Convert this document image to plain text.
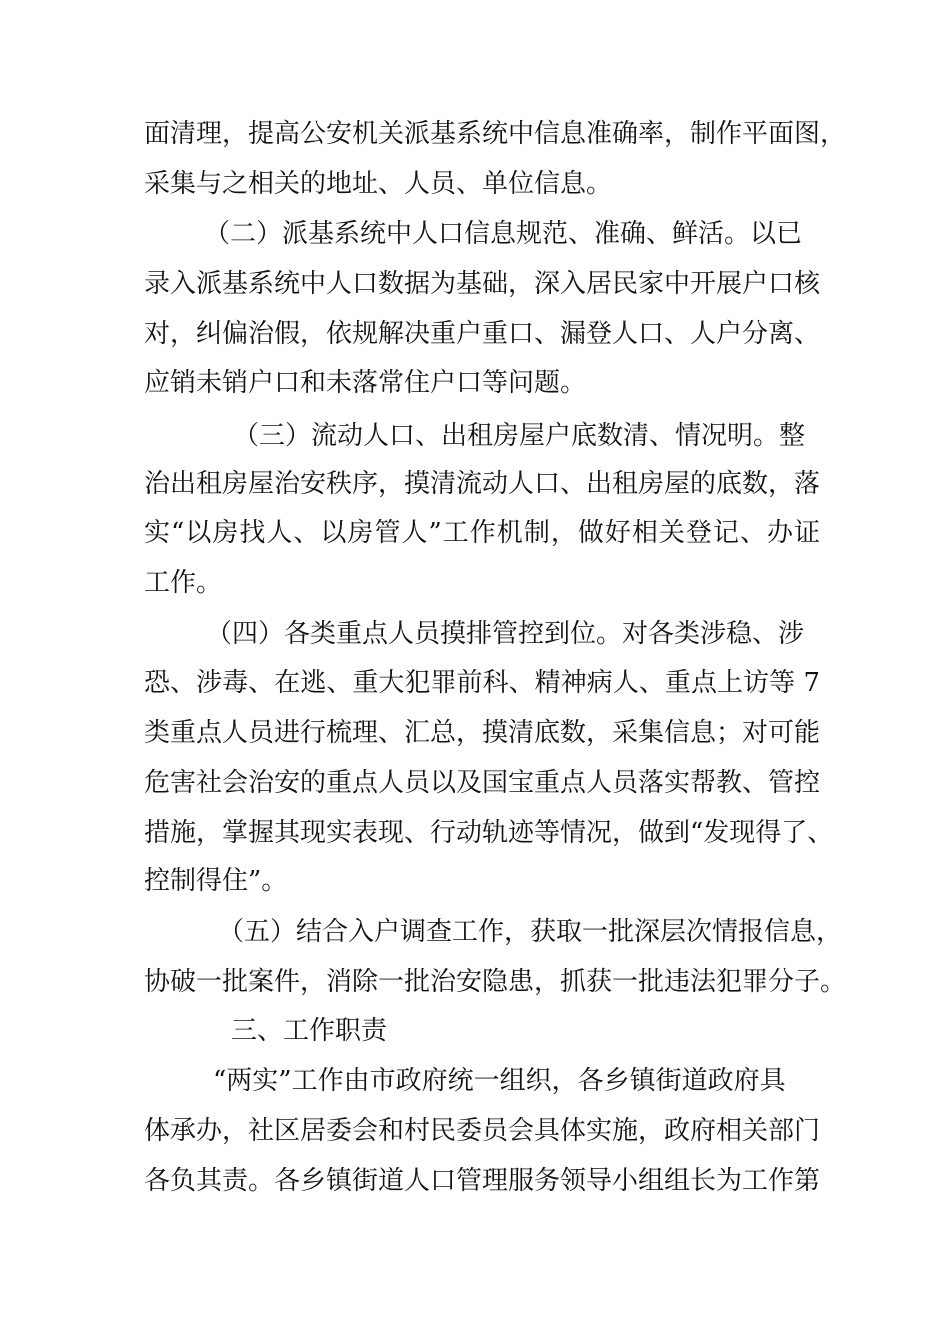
面清理，提高公安机关派基系统中信息准确率，制作平面图，
采集与之相关的地址、人员、单位信息。
（二）派基系统中人口信息规范、准确、鲜活。以已
录入派基系统中人口数据为基础，深入居民家中开展户口核
对，纠偏治假，依规解决重户重口、漏登人口、人户分离、
应销未销户口和未落常住户口等问题。
（三）流动人口、出租房屋户底数清、情况明。整
治出租房屋治安秩序，摸清流动人口、出租房屋的底数，落
实“以房找人、以房管人”工作机制，做好相关登记、办证
工作。
（四）各类重点人员摸排管控到位。对各类涉稳、涉
恐、涉毒、在逃、重大犯罪前科、精神病人、重点上访等 7
类重点人员进行梳理、汇总，摸清底数，采集信息；对可能
危害社会治安的重点人员以及国宝重点人员落实帮教、管控
措施，掌握其现实表现、行动轨迹等情况，做到“发现得了、
控制得住”。
（五）结合入户调查工作，获取一批深层次情报信息，
协破一批案件，消除一批治安隐患，抓获一批违法犯罪分子。
三、工作职责
“两实”工作由市政府统一组织，各乡镇街道政府具
体承办，社区居委会和村民委员会具体实施，政府相关部门
各负其责。各乡镇街道人口管理服务领导小组组长为工作第
